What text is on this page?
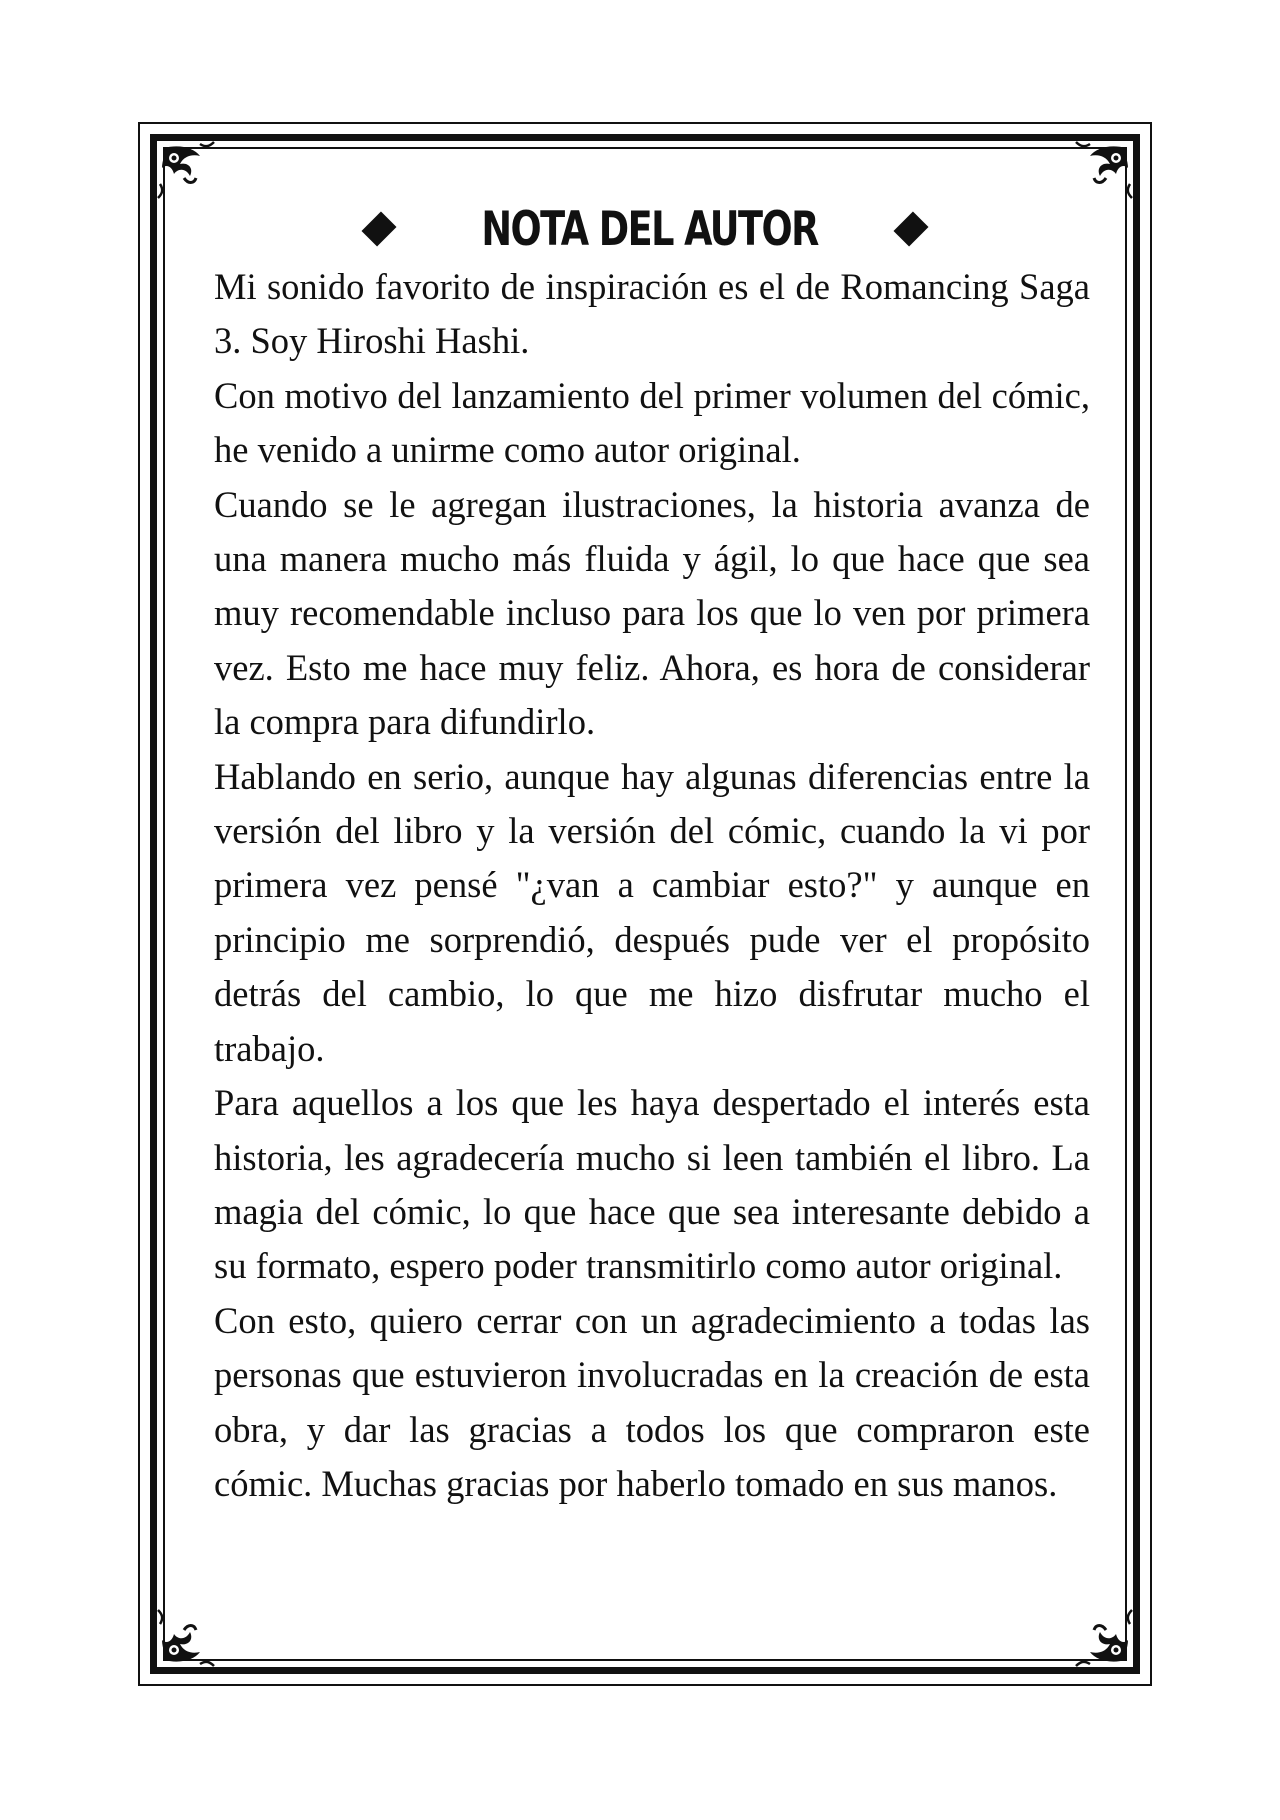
NOTA DEL AUTOR

Mi sonido favorito de inspiración es el de Romancing Saga 3. Soy Hiroshi Hashi.

Con motivo del lanzamiento del primer volumen del cómic, he venido a unirme como autor original.

Cuando se le agregan ilustraciones, la historia avanza de una manera mucho más fluida y ágil, lo que hace que sea muy recomendable incluso para los que lo ven por primera vez. Esto me hace muy feliz. Ahora, es hora de considerar la compra para difundirlo.

Hablando en serio, aunque hay algunas diferencias entre la versión del libro y la versión del cómic, cuando la vi por primera vez pensé "¿van a cambiar esto?" y aunque en principio me sorprendió, después pude ver el propósito detrás del cambio, lo que me hizo disfrutar mucho el trabajo.

Para aquellos a los que les haya despertado el interés esta historia, les agradecería mucho si leen también el libro. La magia del cómic, lo que hace que sea interesante debido a su formato, espero poder transmitirlo como autor original.

Con esto, quiero cerrar con un agradecimiento a todas las personas que estuvieron involucradas en la creación de esta obra, y dar las gracias a todos los que compraron este cómic. Muchas gracias por haberlo tomado en sus manos.
